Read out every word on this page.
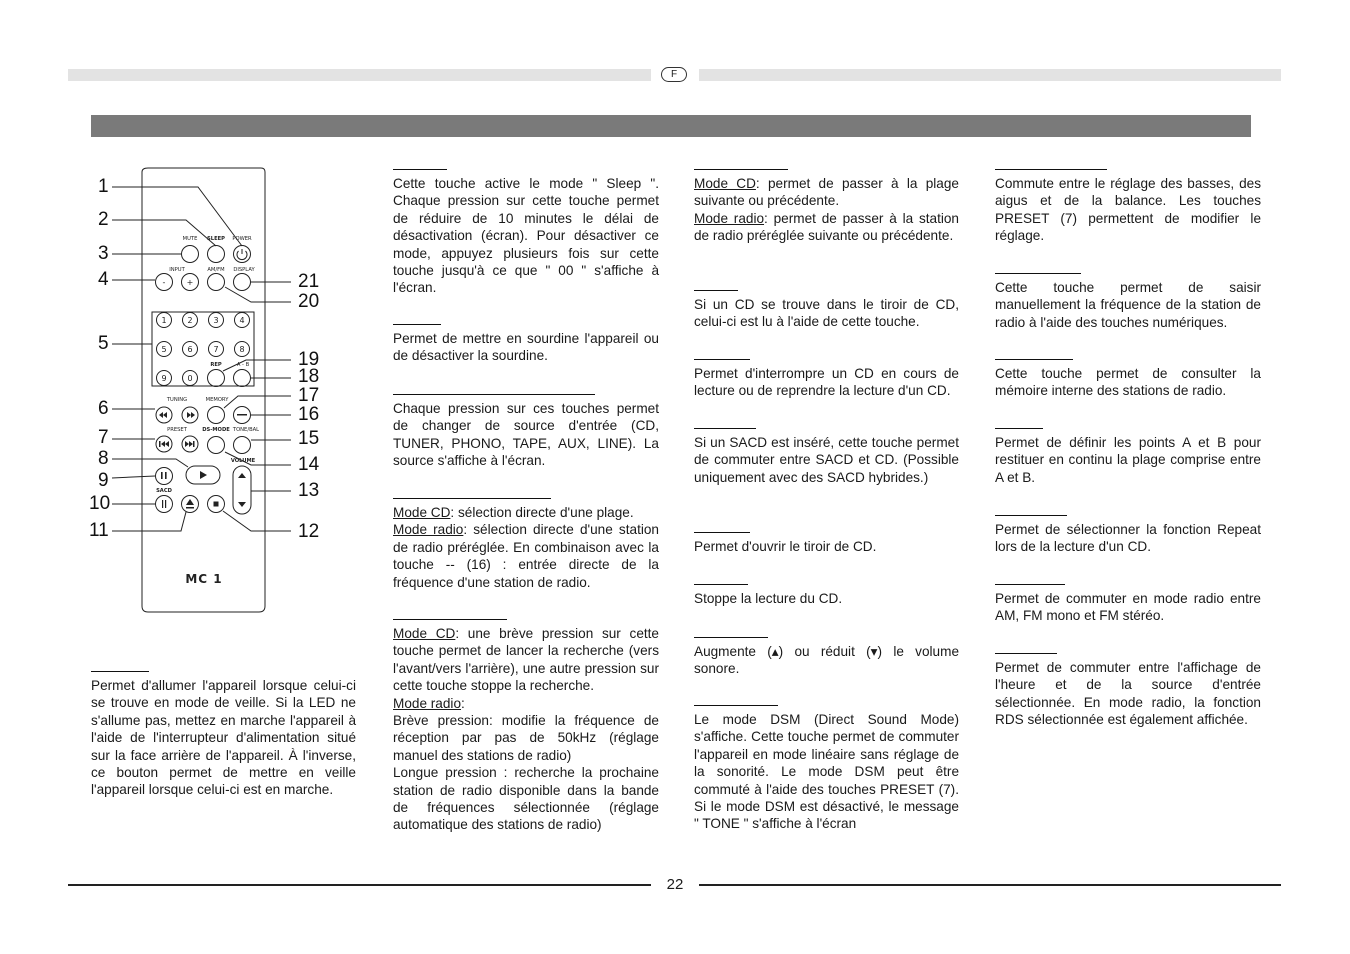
F
-	+
1	2	3	4
5	6	7	8
9	0
MUTE SLEEP POWER
INPUT	AM/FM DISPLAY
REP	A - B
TUNING	MEMORY
PRESET	DS-MODE TONE/BAL
VOLUME
SACD
MC 1
1
2
3
4
5
6
7
8
9
10
11
21
20
19
18
17
16
15
14
13
12

Permet d'allumer l'appareil lorsque celui-ci se trouve en mode de veille. Si la LED ne s'allume pas, mettez en marche l'appareil à l'aide de l'interrupteur d'alimentation situé sur la face arrière de l'appareil. À l'inverse, ce bouton permet de mettre en veille l'appareil lorsque celui-ci est en marche.

Cette touche active le mode " Sleep ". Chaque pression sur cette touche permet de réduire de 10 minutes le délai de désactivation (écran). Pour désactiver ce mode, appuyez plusieurs fois sur cette touche jusqu'à ce que " 00 " s'affiche à l'écran.

Permet de mettre en sourdine l'appareil ou de désactiver la sourdine.

Chaque pression sur ces touches permet de changer de source d'entrée (CD, TUNER, PHONO, TAPE, AUX, LINE). La source s'affiche à l'écran.

Mode CD: sélection directe d'une plage.

Mode radio: sélection directe d'une station de radio préréglée. En combinaison avec la touche -- (16) : entrée directe de la fréquence d'une station de radio.

Mode CD: une brève pression sur cette touche permet de lancer la recherche (vers l'avant/vers l'arrière), une autre pression sur cette touche stoppe la recherche.

Mode radio:

Brève pression: modifie la fréquence de réception par pas de 50kHz (réglage manuel des stations de radio)

Longue pression : recherche la prochaine station de radio disponible dans la bande de fréquences sélectionnée (réglage automatique des stations de radio)

Mode CD: permet de passer à la plage suivante ou précédente.

Mode radio: permet de passer à la station de radio préréglée suivante ou précédente.

Si un CD se trouve dans le tiroir de CD, celui-ci est lu à l'aide de cette touche.

Permet d'interrompre un CD en cours de lecture ou de reprendre la lecture d'un CD.

Si un SACD est inséré, cette touche permet de commuter entre SACD et CD. (Possible uniquement avec des SACD hybrides.)

Permet d'ouvrir le tiroir de CD.

Stoppe la lecture du CD.

Augmente (▴) ou réduit (▾) le volume sonore.

Le mode DSM (Direct Sound Mode) s'affiche. Cette touche permet de commuter l'appareil en mode linéaire sans réglage de la sonorité. Le mode DSM peut être commuté à l'aide des touches PRESET (7). Si le mode DSM est désactivé, le message " TONE " s'affiche à l'écran

Commute entre le réglage des basses, des aigus et de la balance. Les touches PRESET (7) permettent de modifier le réglage.

Cette touche permet de saisir manuellement la fréquence de la station de radio à l'aide des touches numériques.

Cette touche permet de consulter la mémoire interne des stations de radio.

Permet de définir les points A et B pour restituer en continu la plage comprise entre A et B.

Permet de sélectionner la fonction Repeat lors de la lecture d'un CD.

Permet de commuter en mode radio entre AM, FM mono et FM stéréo.

Permet de commuter entre l'affichage de l'heure et de la source d'entrée sélectionnée. En mode radio, la fonction RDS sélectionnée est également affichée.

22
